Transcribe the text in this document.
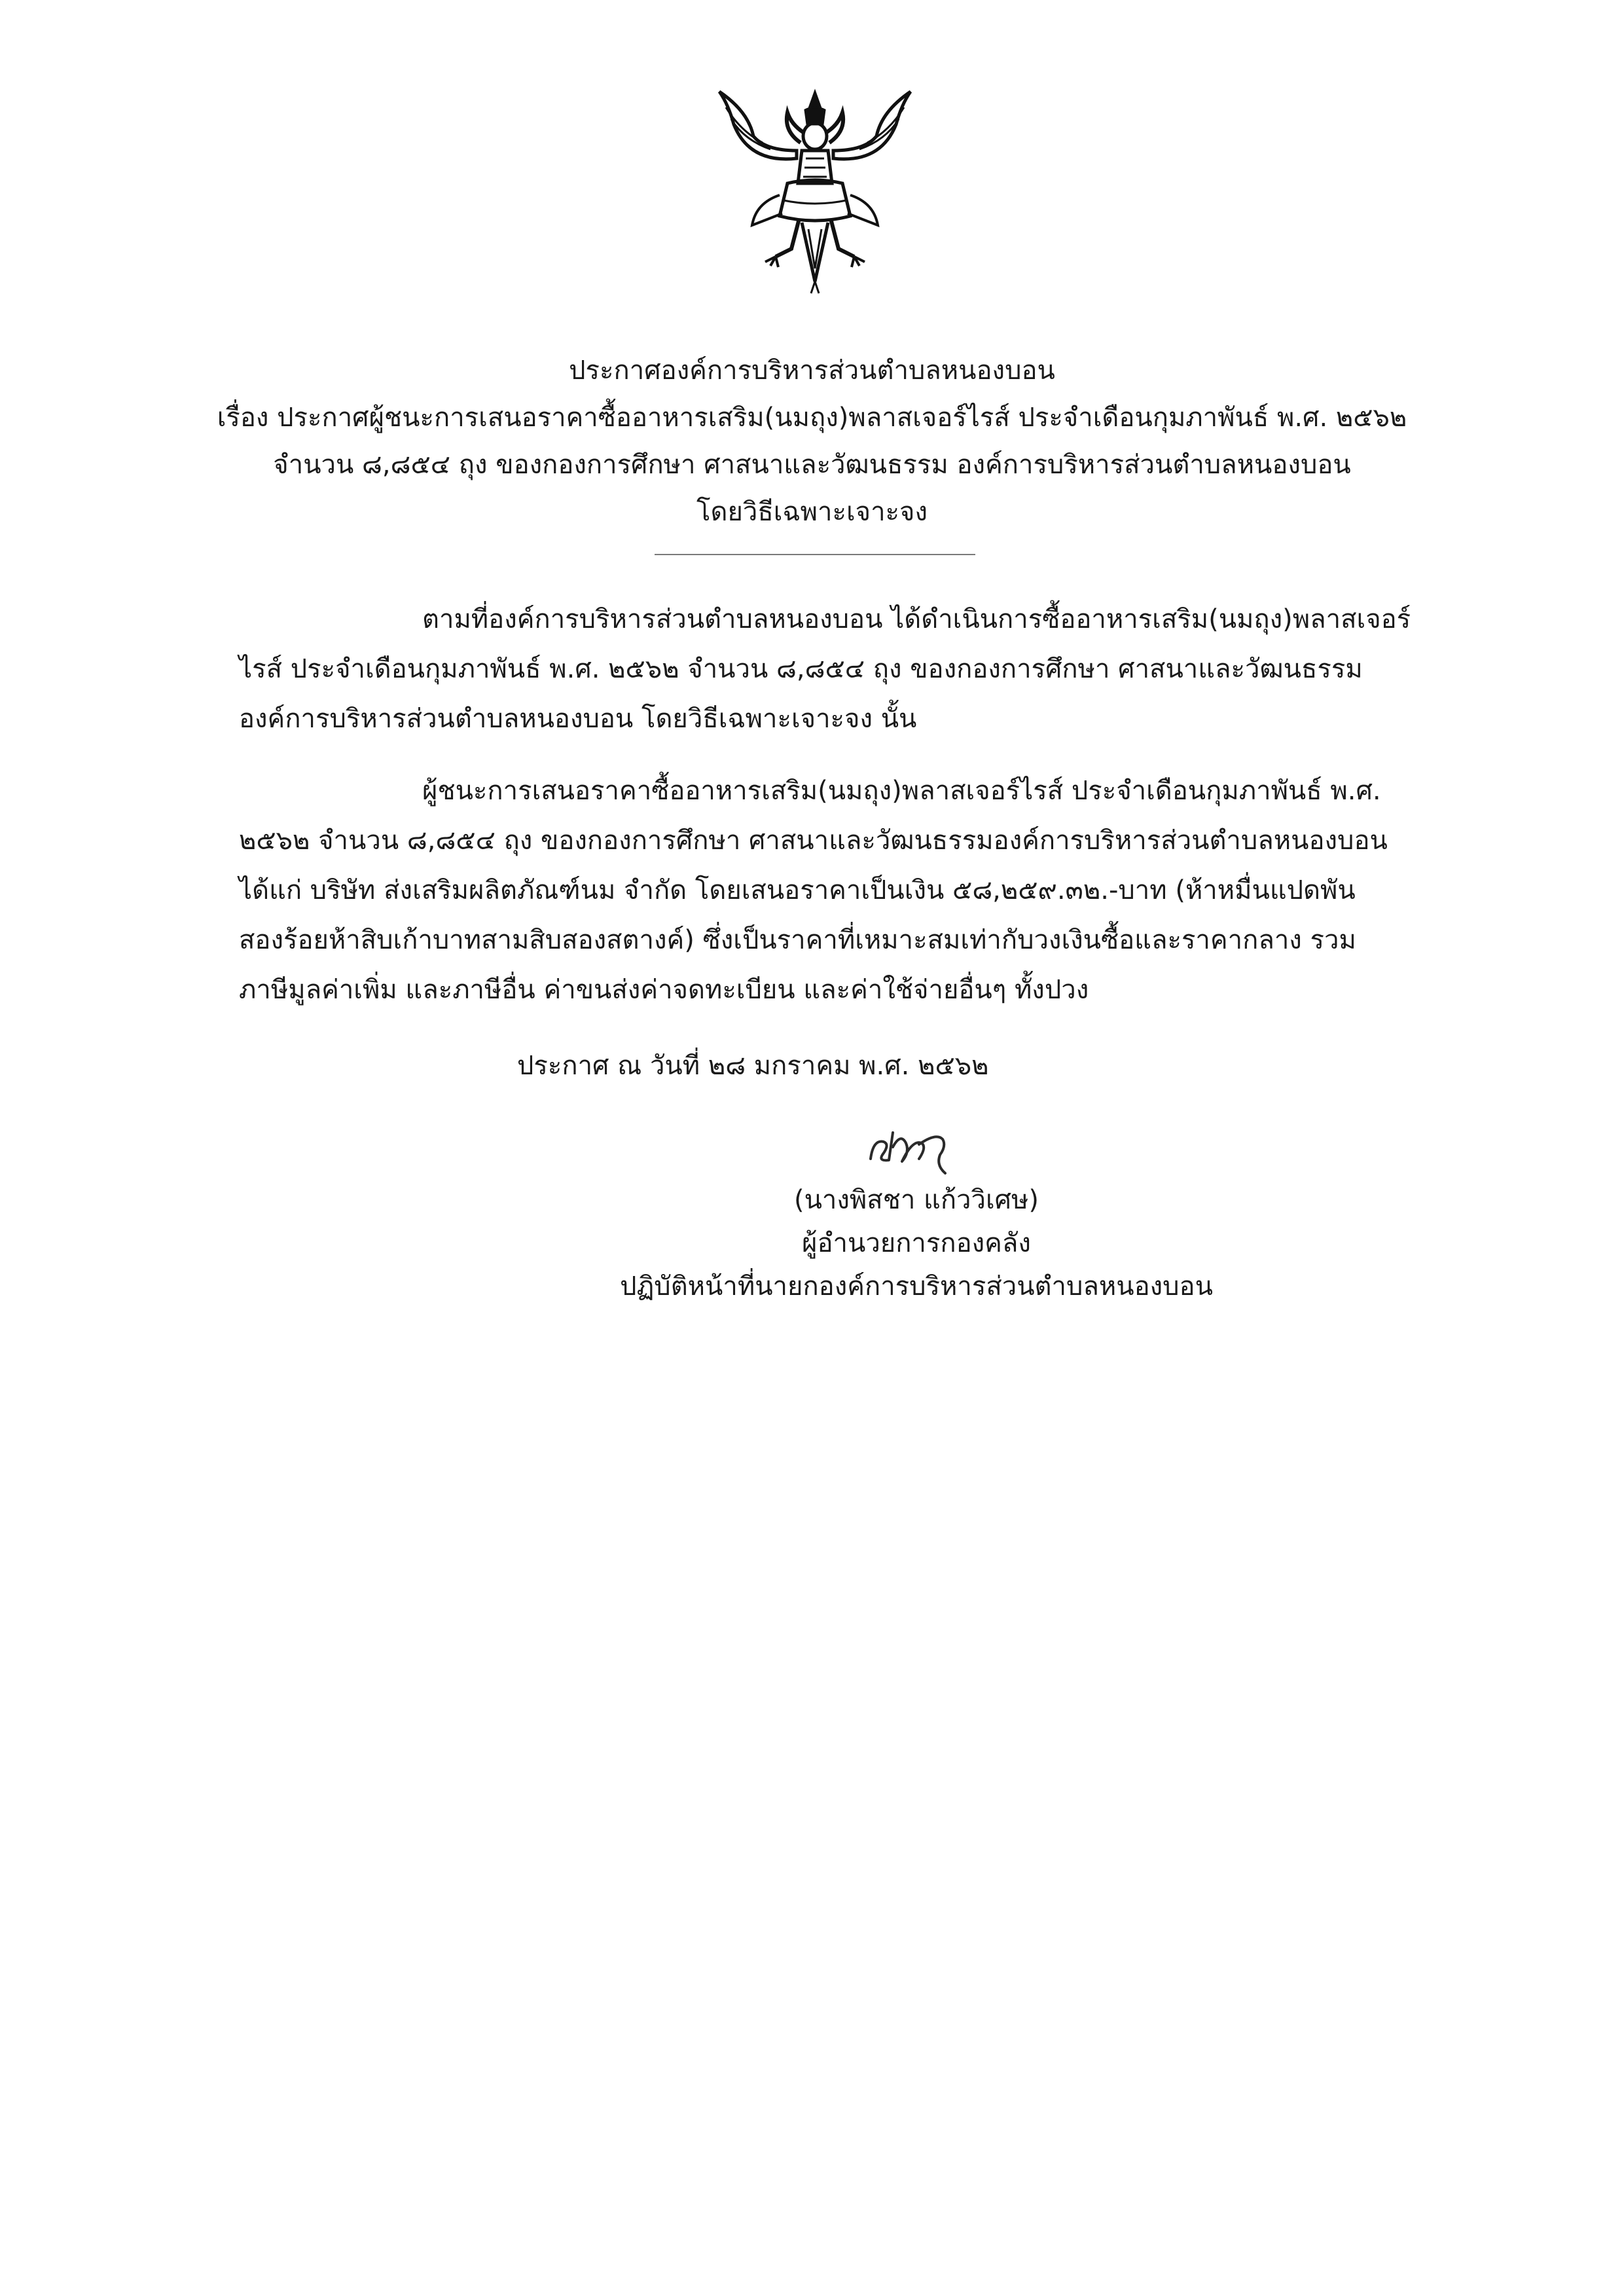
ประกาศองค์การบริหารส่วนตำบลหนองบอน
เรื่อง ประกาศผู้ชนะการเสนอราคาซื้ออาหารเสริม(นมถุง)พลาสเจอร์ไรส์ ประจำเดือนกุมภาพันธ์ พ.ศ. ๒๕๖๒
จำนวน ๘,๘๕๔ ถุง ของกองการศึกษา ศาสนาและวัฒนธรรม องค์การบริหารส่วนตำบลหนองบอน
โดยวิธีเฉพาะเจาะจง
ตามที่องค์การบริหารส่วนตำบลหนองบอน ได้ดำเนินการซื้ออาหารเสริม(นมถุง)พลาสเจอร์
ไรส์ ประจำเดือนกุมภาพันธ์ พ.ศ. ๒๕๖๒ จำนวน ๘,๘๕๔ ถุง ของกองการศึกษา ศาสนาและวัฒนธรรม
องค์การบริหารส่วนตำบลหนองบอน โดยวิธีเฉพาะเจาะจง นั้น
ผู้ชนะการเสนอราคาซื้ออาหารเสริม(นมถุง)พลาสเจอร์ไรส์ ประจำเดือนกุมภาพันธ์ พ.ศ.
๒๕๖๒ จำนวน ๘,๘๕๔ ถุง ของกองการศึกษา ศาสนาและวัฒนธรรมองค์การบริหารส่วนตำบลหนองบอน
ได้แก่ บริษัท ส่งเสริมผลิตภัณฑ์นม จำกัด โดยเสนอราคาเป็นเงิน ๕๘,๒๕๙.๓๒.-บาท (ห้าหมื่นแปดพัน
สองร้อยห้าสิบเก้าบาทสามสิบสองสตางค์) ซึ่งเป็นราคาที่เหมาะสมเท่ากับวงเงินซื้อและราคากลาง รวม
ภาษีมูลค่าเพิ่ม และภาษีอื่น ค่าขนส่งค่าจดทะเบียน และค่าใช้จ่ายอื่นๆ ทั้งปวง
ประกาศ ณ วันที่ ๒๘ มกราคม พ.ศ. ๒๕๖๒
(นางพิสชา แก้ววิเศษ)
ผู้อำนวยการกองคลัง
ปฏิบัติหน้าที่นายกองค์การบริหารส่วนตำบลหนองบอน
